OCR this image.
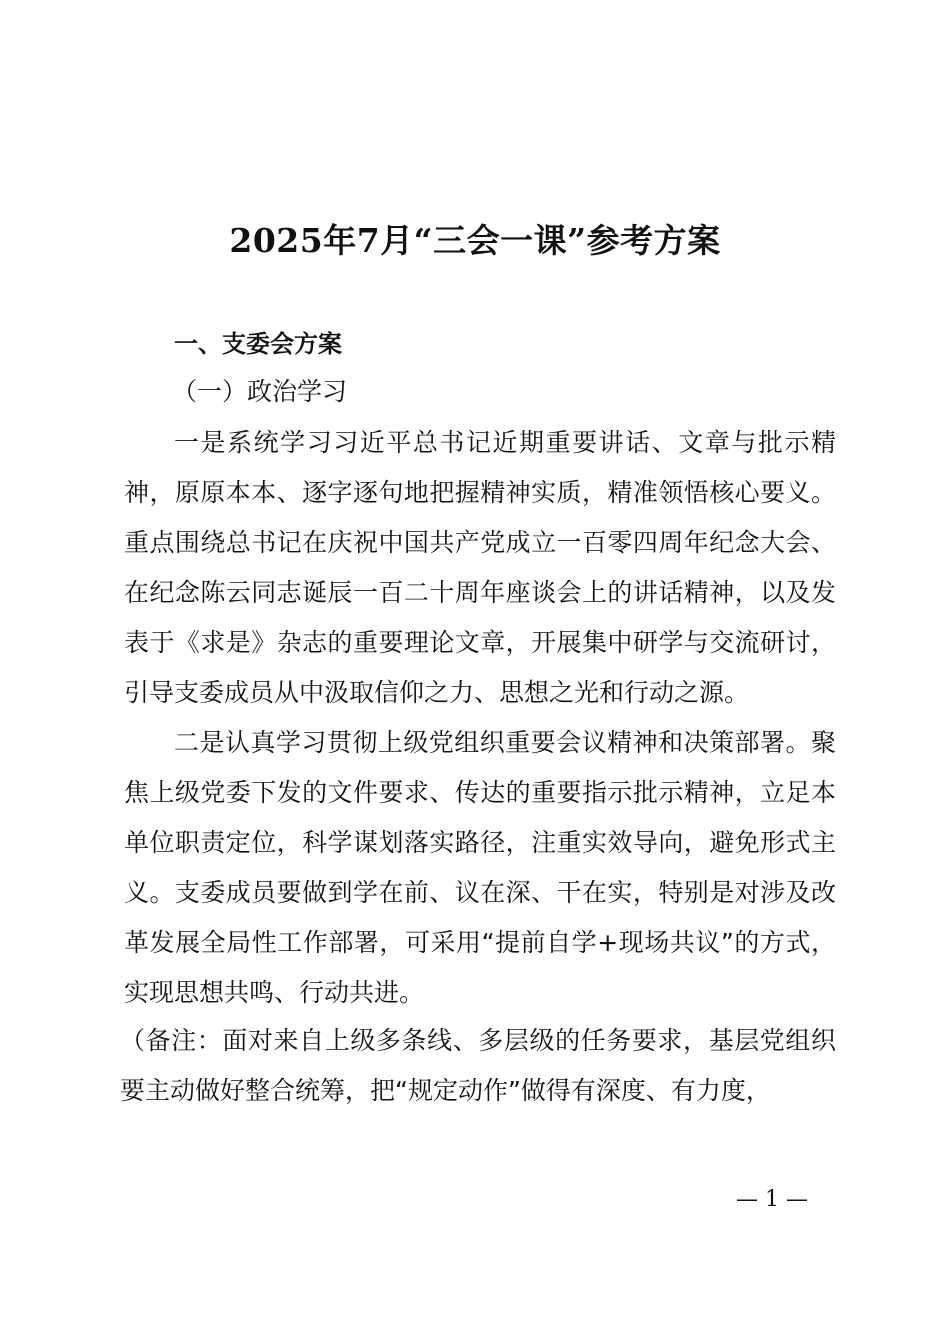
2025年7月“三会一课”参考方案
一、支委会方案
（一）政治学习
一是系统学习习近平总书记近期重要讲话、文章与批示精神，原原本本、逐字逐句地把握精神实质，精准领悟核心要义。重点围绕总书记在庆祝中国共产党成立一百零四周年纪念大会、在纪念陈云同志诞辰一百二十周年座谈会上的讲话精神，以及发表于《求是》杂志的重要理论文章，开展集中研学与交流研讨，引导支委成员从中汲取信仰之力、思想之光和行动之源。
二是认真学习贯彻上级党组织重要会议精神和决策部署。聚焦上级党委下发的文件要求、传达的重要指示批示精神，立足本单位职责定位，科学谋划落实路径，注重实效导向，避免形式主义。支委成员要做到学在前、议在深、干在实，特别是对涉及改革发展全局性工作部署，可采用“提前自学+现场共议”的方式，实现思想共鸣、行动共进。
（备注：面对来自上级多条线、多层级的任务要求，基层党组织要主动做好整合统筹，把“规定动作”做得有深度、有力度，
— 1 —
